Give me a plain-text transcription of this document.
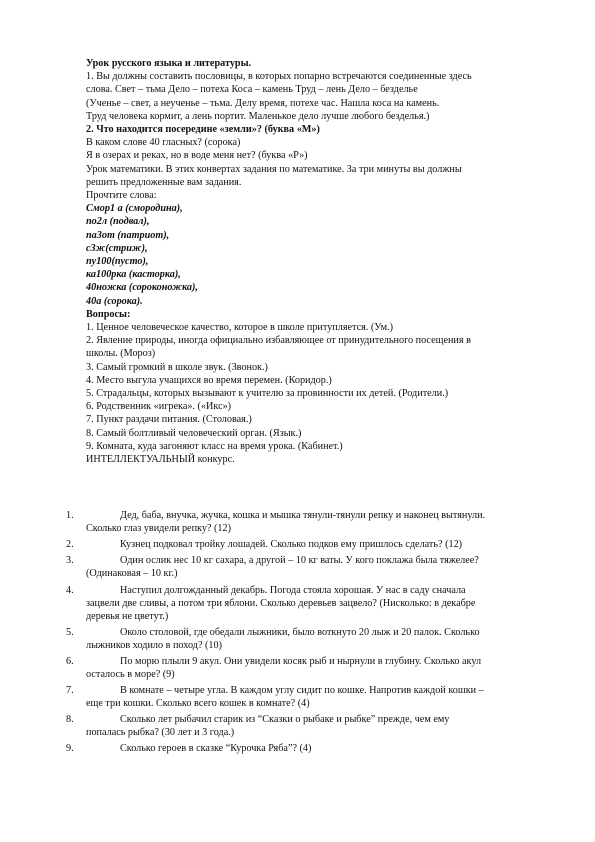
Урок русского языка и литературы.
1. Вы должны составить пословицы, в которых попарно встречаются соединенные здесь
слова. Свет – тьма Дело – потеха Коса – камень Труд – лень Дело – безделье
(Ученье – свет, а неученье – тьма. Делу время, потехе час. Нашла коса на камень.
Труд человека кормит, а лень портит. Маленькое дело лучше любого безделья.)
2. Что находится посередине «земли»? (буква «М»)
В каком слове 40 гласных? (сорока)
Я в озерах и реках, но в воде меня нет? (буква «Р»)
Урок математики. В этих конвертах задания по математике. За три минуты вы должны
решить предложенные вам задания.
Прочтите слова:
Смор1 а (смородина),
по2л (подвал),
па3от (патриот),
с3ж(стриж),
пу100(пусто),
ка100рка (касторка),
40ножка (сороконожка),
40а (сорока).
Вопросы:
1. Ценное человеческое качество, которое в школе притупляется. (Ум.)
2. Явление природы, иногда официально избавляющее от принудительного посещения в
школы. (Мороз)
3. Самый громкий в школе звук. (Звонок.)
4. Место выгула учащихся во время перемен. (Коридор.)
5. Страдальцы, которых вызывают к учителю за провинности их детей. (Родители.)
6. Родственник «игрека». («Икс»)
7. Пункт раздачи питания. (Столовая.)
8. Самый болтливый человеческий орган. (Язык.)
9. Комната, куда загоняют класс на время урока. (Кабинет.)
ИНТЕЛЛЕКТУАЛЬНЫЙ конкурс.
1.	Дед, баба, внучка, жучка, кошка и мышка тянули-тянули репку и наконец вытянули.
Сколько глаз увидели репку? (12)
2.	Кузнец подковал тройку лошадей. Сколько подков ему пришлось сделать? (12)
3.	Один ослик нес 10 кг сахара, а другой – 10 кг ваты. У кого поклажа была тяжелее?
(Одинаковая – 10 кг.)
4.	Наступил долгожданный декабрь. Погода стояла хорошая. У нас в саду сначала
зацвели две сливы, а потом три яблони. Сколько деревьев зацвело? (Нисколько: в декабре
деревья не цветут.)
5.	Около столовой, где обедали лыжники, было воткнуто 20 лыж и 20 палок. Сколько
лыжников ходило в поход? (10)
6.	По морю плыли 9 акул. Они увидели косяк рыб и нырнули в глубину. Сколько акул
осталось в море? (9)
7.	В комнате – четыре угла. В каждом углу сидит по кошке. Напротив каждой кошки –
еще три кошки. Сколько всего кошек в комнате? (4)
8.	Сколько лет рыбачил старик из “Сказки о рыбаке и рыбке” прежде, чем ему
попалась рыбка? (30 лет и 3 года.)
9.	Сколько героев в сказке “Курочка Ряба”? (4)
